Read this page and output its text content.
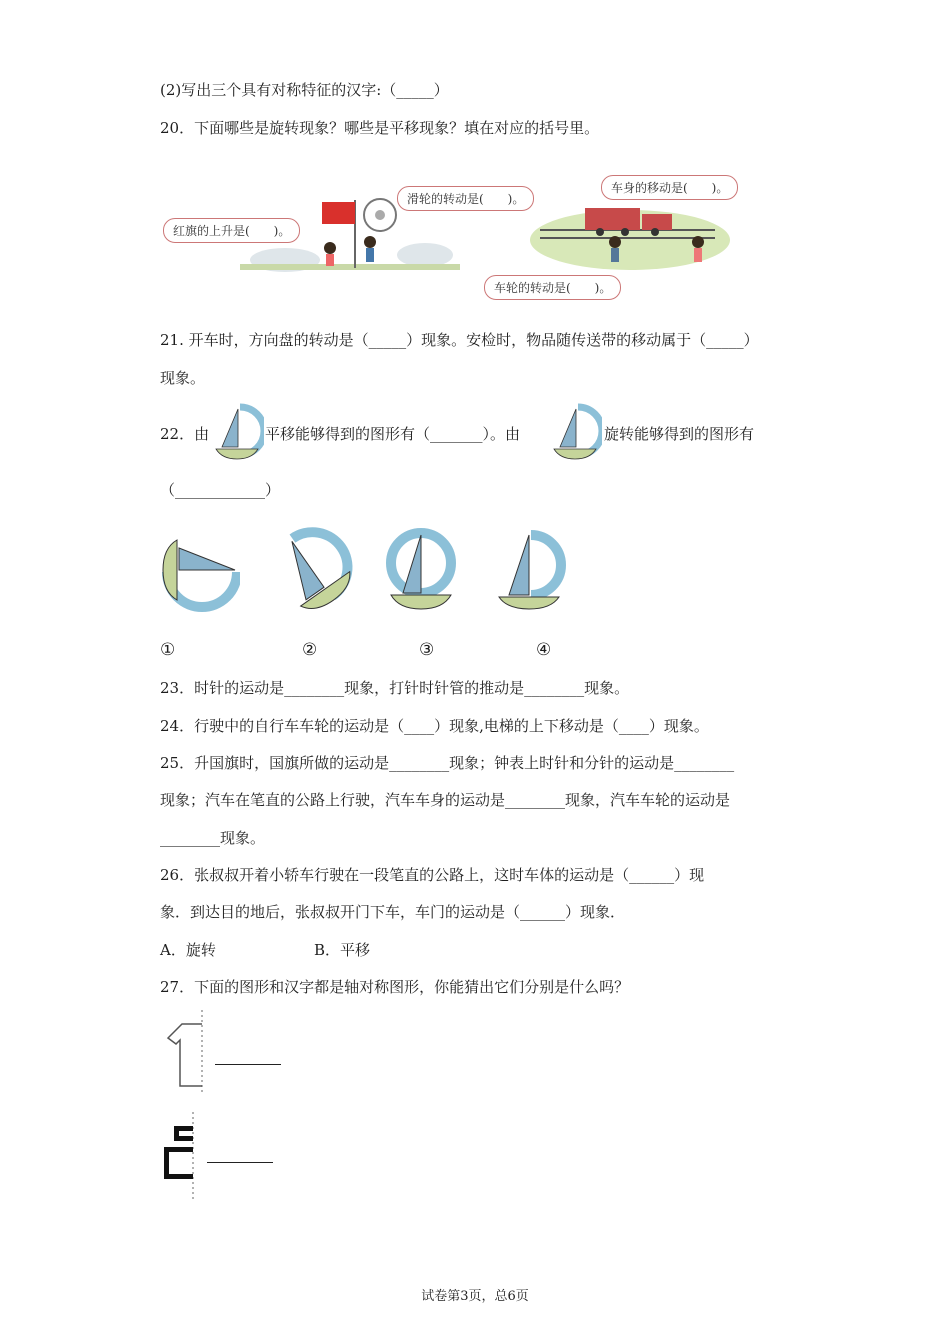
(2)写出三个具有对称特征的汉字:（_____）
20．下面哪些是旋转现象？哪些是平移现象？填在对应的括号里。
红旗的上升是(　　)。
滑轮的转动是(　　)。
车身的移动是(　　)。
车轮的转动是(　　)。
21. 开车时，方向盘的转动是（_____）现象。安检时，物品随传送带的移动属于（_____）
现象。
22．由	平移能够得到的图形有（_______）。由	旋转能够得到的图形有
（____________）
①	②	③	④
23．时针的运动是________现象，打针时针管的推动是________现象。
24．行驶中的自行车车轮的运动是（____）现象,电梯的上下移动是（____）现象。
25．升国旗时，国旗所做的运动是________现象；钟表上时针和分针的运动是________
现象；汽车在笔直的公路上行驶，汽车车身的运动是________现象，汽车车轮的运动是
________现象。
26．张叔叔开着小轿车行驶在一段笔直的公路上，这时车体的运动是（______）现
象．到达目的地后，张叔叔开门下车，车门的运动是（______）现象．
A．旋转	B．平移
27．下面的图形和汉字都是轴对称图形，你能猜出它们分别是什么吗？
试卷第3页，总6页
